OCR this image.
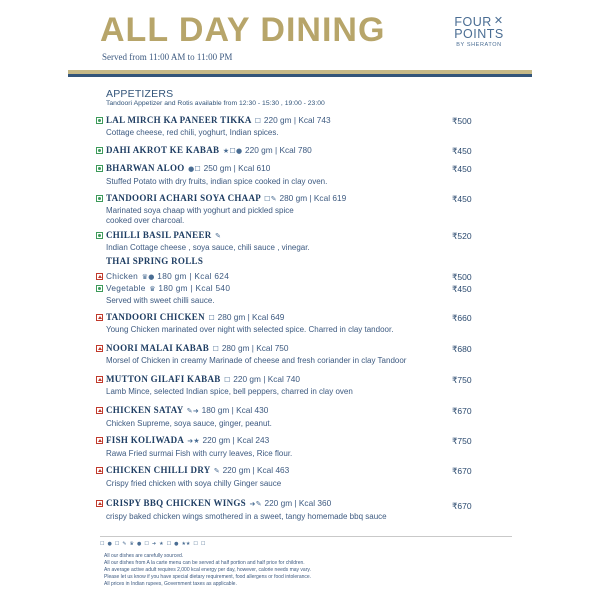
ALL DAY DINING
Served from 11:00 AM to 11:00 PM
FOUR ✕
POINTS
BY SHERATON
APPETIZERS
Tandoori Appetizer and Rotis available from 12:30 - 15:30 , 19:00 - 23:00
LAL MIRCH KA PANEER TIKKA ☐ 220 gm | Kcal 743
Cottage cheese, red chili, yoghurt, Indian spices.
₹500
DAHI AKROT KE KABAB ★☐● 220 gm | Kcal 780	₹450
BHARWAN ALOO ●☐ 250 gm | Kcal 610
Stuffed Potato with dry fruits, indian spice cooked in clay oven.
₹450
TANDOORI ACHARI SOYA CHAAP ☐✎ 280 gm | Kcal 619
Marinated soya chaap with yoghurt and pickled spice
cooked over charcoal.
₹450
CHILLI BASIL PANEER ✎
Indian Cottage cheese , soya sauce, chili sauce , vinegar.
₹520
THAI SPRING ROLLS
Chicken ♛● 180 gm | Kcal 624	₹500
Vegetable ♛ 180 gm | Kcal 540
Served with sweet chilli sauce.
₹450
TANDOORI CHICKEN ☐ 280 gm | Kcal 649
Young Chicken marinated over night with selected spice. Charred in clay tandoor.
₹660
NOORI MALAI KABAB ☐ 280 gm | Kcal 750
Morsel of Chicken in creamy Marinade of cheese and fresh coriander in clay Tandoor
₹680
MUTTON GILAFI KABAB ☐ 220 gm | Kcal 740
Lamb Mince, selected Indian spice, bell peppers, charred in clay oven
₹750
CHICKEN SATAY ✎➜ 180 gm | Kcal 430
Chicken Supreme, soya sauce, ginger, peanut.
₹670
FISH KOLIWADA ➜★ 220 gm | Kcal 243
Rawa Fried surmai Fish with curry leaves, Rice flour.
₹750
CHICKEN CHILLI DRY ✎ 220 gm | Kcal 463
Crispy fried chicken with soya chilly Ginger sauce
₹670
CRISPY BBQ CHICKEN WINGS ➜✎ 220 gm | Kcal 360
crispy baked chicken wings smothered in a sweet, tangy homemade bbq sauce
₹670
☐ ● ☐ ✎ ♛ ● ☐ ➜ ★ ☐ ● ★★ ☐ ☐
All our dishes are carefully sourced.
All our dishes from A la carte menu can be served at half portion and half price for children.
An average active adult requires 2,000 kcal energy per day, however, calorie needs may vary.
Please let us know if you have special dietary requirement, food allergens or food intolerance.
All prices in Indian rupees, Government taxes as applicable.
